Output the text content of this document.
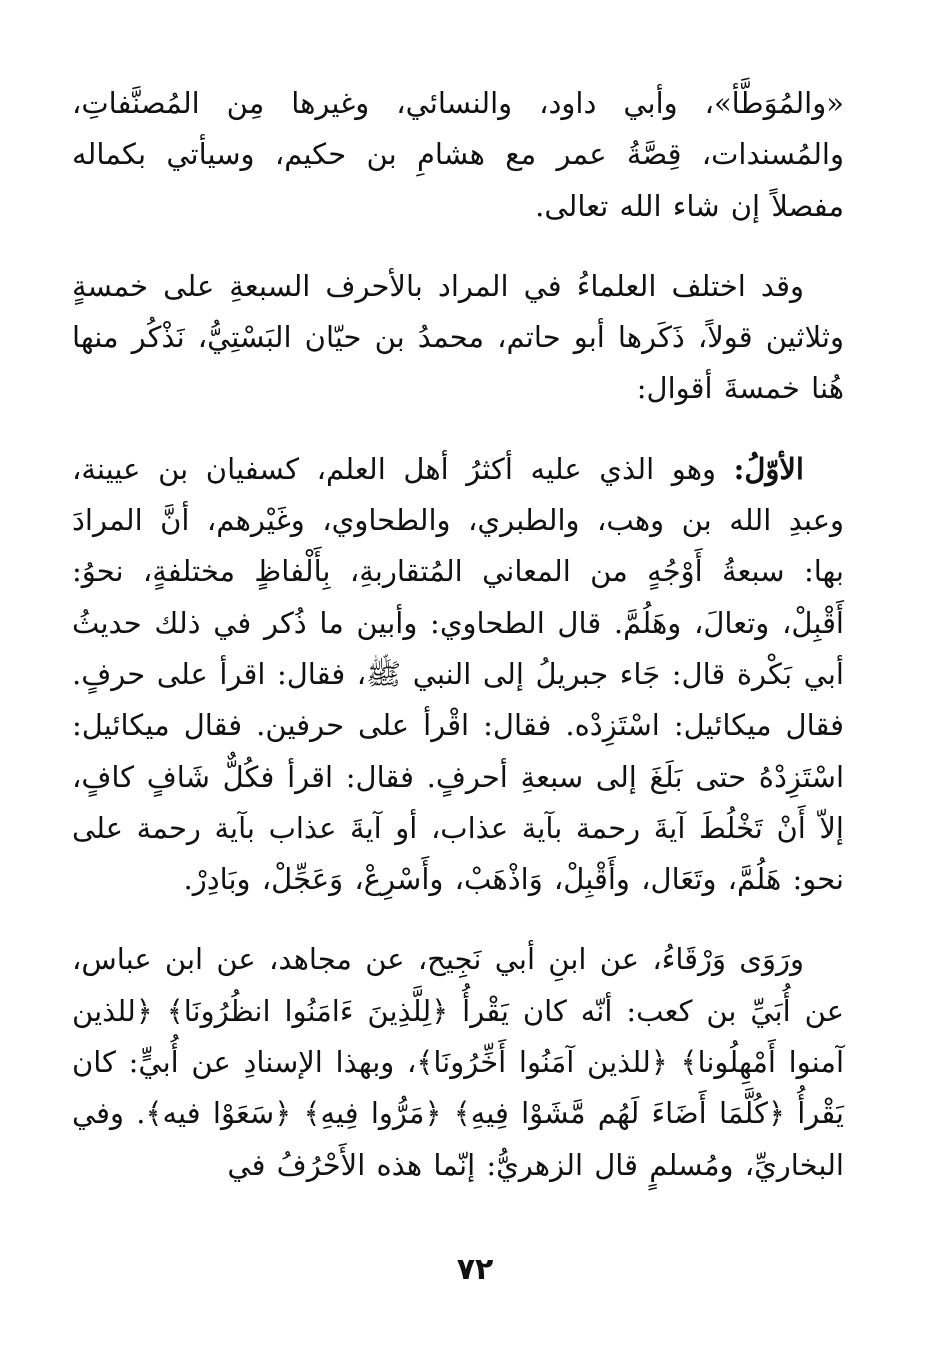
«والمُوَطَّأ»، وأبي داود، والنسائي، وغيرها مِن المُصنَّفاتِ، والمُسندات، قِصَّةُ عمر مع هشامِ بن حكيم، وسيأتي بكماله مفصلاً إن شاء الله تعالى.

وقد اختلف العلماءُ في المراد بالأحرف السبعةِ على خمسةٍ وثلاثين قولاً، ذَكَرها أبو حاتم، محمدُ بن حيّان البَسْتِيُّ، نَذْكُر منها هُنا خمسةَ أقوال:

الأوّلُ: وهو الذي عليه أكثرُ أهل العلم، كسفيان بن عيينة، وعبدِ الله بن وهب، والطبري، والطحاوي، وغَيْرهم، أنَّ المرادَ بها: سبعةُ أَوْجُهٍ من المعاني المُتقاربةِ، بِأَلْفاظٍ مختلفةٍ، نحوُ: أَقْبِلْ، وتعالَ، وهَلُمَّ. قال الطحاوي: وأبين ما ذُكر في ذلك حديثُ أبي بَكْرة قال: جَاء جبريلُ إلى النبي ﷺ، فقال: اقرأ على حرفٍ. فقال ميكائيل: اسْتَزِدْه. فقال: اقْرأ على حرفين. فقال ميكائيل: اسْتَزِدْهُ حتى بَلَغَ إلى سبعةِ أحرفٍ. فقال: اقرأ فكُلٌّ شَافٍ كافٍ، إلاّ أَنْ تَخْلُطَ آيةَ رحمة بآية عذاب، أو آيةَ عذاب بآية رحمة على نحو: هَلُمَّ، وتَعَال، وأَقْبِلْ، وَاذْهَبْ، وأَسْرِعْ، وَعَجِّلْ، وبَادِرْ.

ورَوَى وَرْقَاءُ، عن ابنِ أبي نَجِيح، عن مجاهد، عن ابن عباس، عن أُبَيِّ بن كعب: أنّه كان يَقْرأُ ﴿لِلَّذِينَ ءَامَنُوا انظُرُونَا﴾ ﴿للذين آمنوا أَمْهِلُونا﴾ ﴿للذين آمَنُوا أَخِّرُونَا﴾، وبهذا الإسنادِ عن أُبيٍّ: كان يَقْرأُ ﴿كُلَّمَا أَضَاءَ لَهُم مَّشَوْا فِيهِ﴾ ﴿مَرُّوا فِيهِ﴾ ﴿سَعَوْا فيه﴾. وفي البخاريِّ، ومُسلمٍ قال الزهريُّ: إنّما هذه الأَحْرُفُ في

٧٢
